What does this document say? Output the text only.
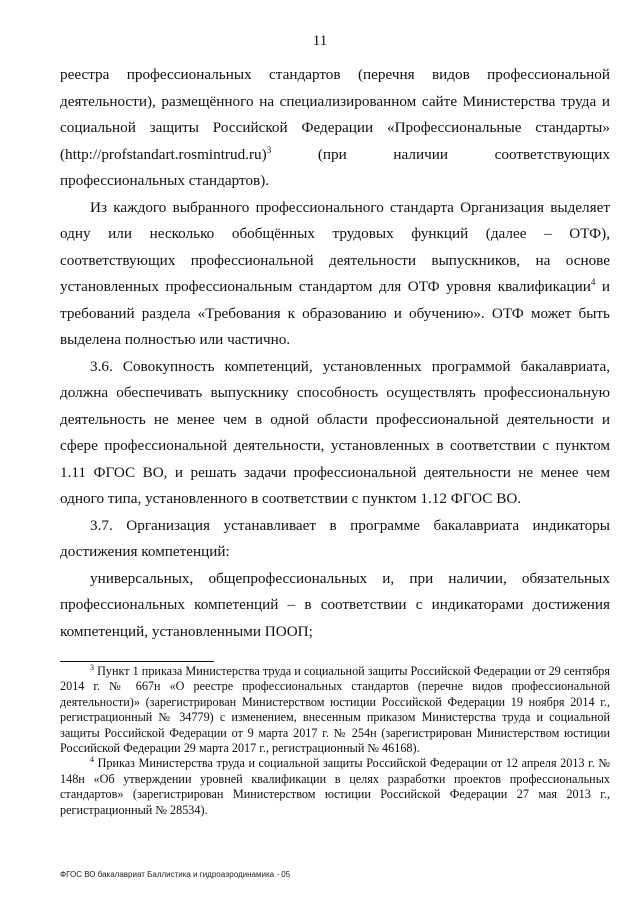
11

реестра профессиональных стандартов (перечня видов профессиональной деятельности), размещённого на специализированном сайте Министерства труда и социальной защиты Российской Федерации «Профессиональные стандарты» (http://profstandart.rosmintrud.ru)$^3$ (при наличии соответствующих профессиональных стандартов).

Из каждого выбранного профессионального стандарта Организация выделяет одну или несколько обобщённых трудовых функций (далее – ОТФ), соответствующих профессиональной деятельности выпускников, на основе установленных профессиональным стандартом для ОТФ уровня квалификации$^4$ и требований раздела «Требования к образованию и обучению». ОТФ может быть выделена полностью или частично.

3.6. Совокупность компетенций, установленных программой бакалавриата, должна обеспечивать выпускнику способность осуществлять профессиональную деятельность не менее чем в одной области профессиональной деятельности и сфере профессиональной деятельности, установленных в соответствии с пунктом 1.11 ФГОС ВО, и решать задачи профессиональной деятельности не менее чем одного типа, установленного в соответствии с пунктом 1.12 ФГОС ВО.

3.7. Организация устанавливает в программе бакалавриата индикаторы достижения компетенций:

универсальных, общепрофессиональных и, при наличии, обязательных профессиональных компетенций – в соответствии с индикаторами достижения компетенций, установленными ПООП;

$^3$ Пункт 1 приказа Министерства труда и социальной защиты Российской Федерации от 29 сентября 2014 г. № 667н «О реестре профессиональных стандартов (перечне видов профессиональной деятельности)» (зарегистрирован Министерством юстиции Российской Федерации 19 ноября 2014 г., регистрационный № 34779) с изменением, внесенным приказом Министерства труда и социальной защиты Российской Федерации от 9 марта 2017 г. № 254н (зарегистрирован Министерством юстиции Российской Федерации 29 марта 2017 г., регистрационный № 46168).

$^4$ Приказ Министерства труда и социальной защиты Российской Федерации от 12 апреля 2013 г. № 148н «Об утверждении уровней квалификации в целях разработки проектов профессиональных стандартов» (зарегистрирован Министерством юстиции Российской Федерации 27 мая 2013 г., регистрационный № 28534).

ФГОС ВО бакалавриат Баллистика и гидроаэродинамика - 05
